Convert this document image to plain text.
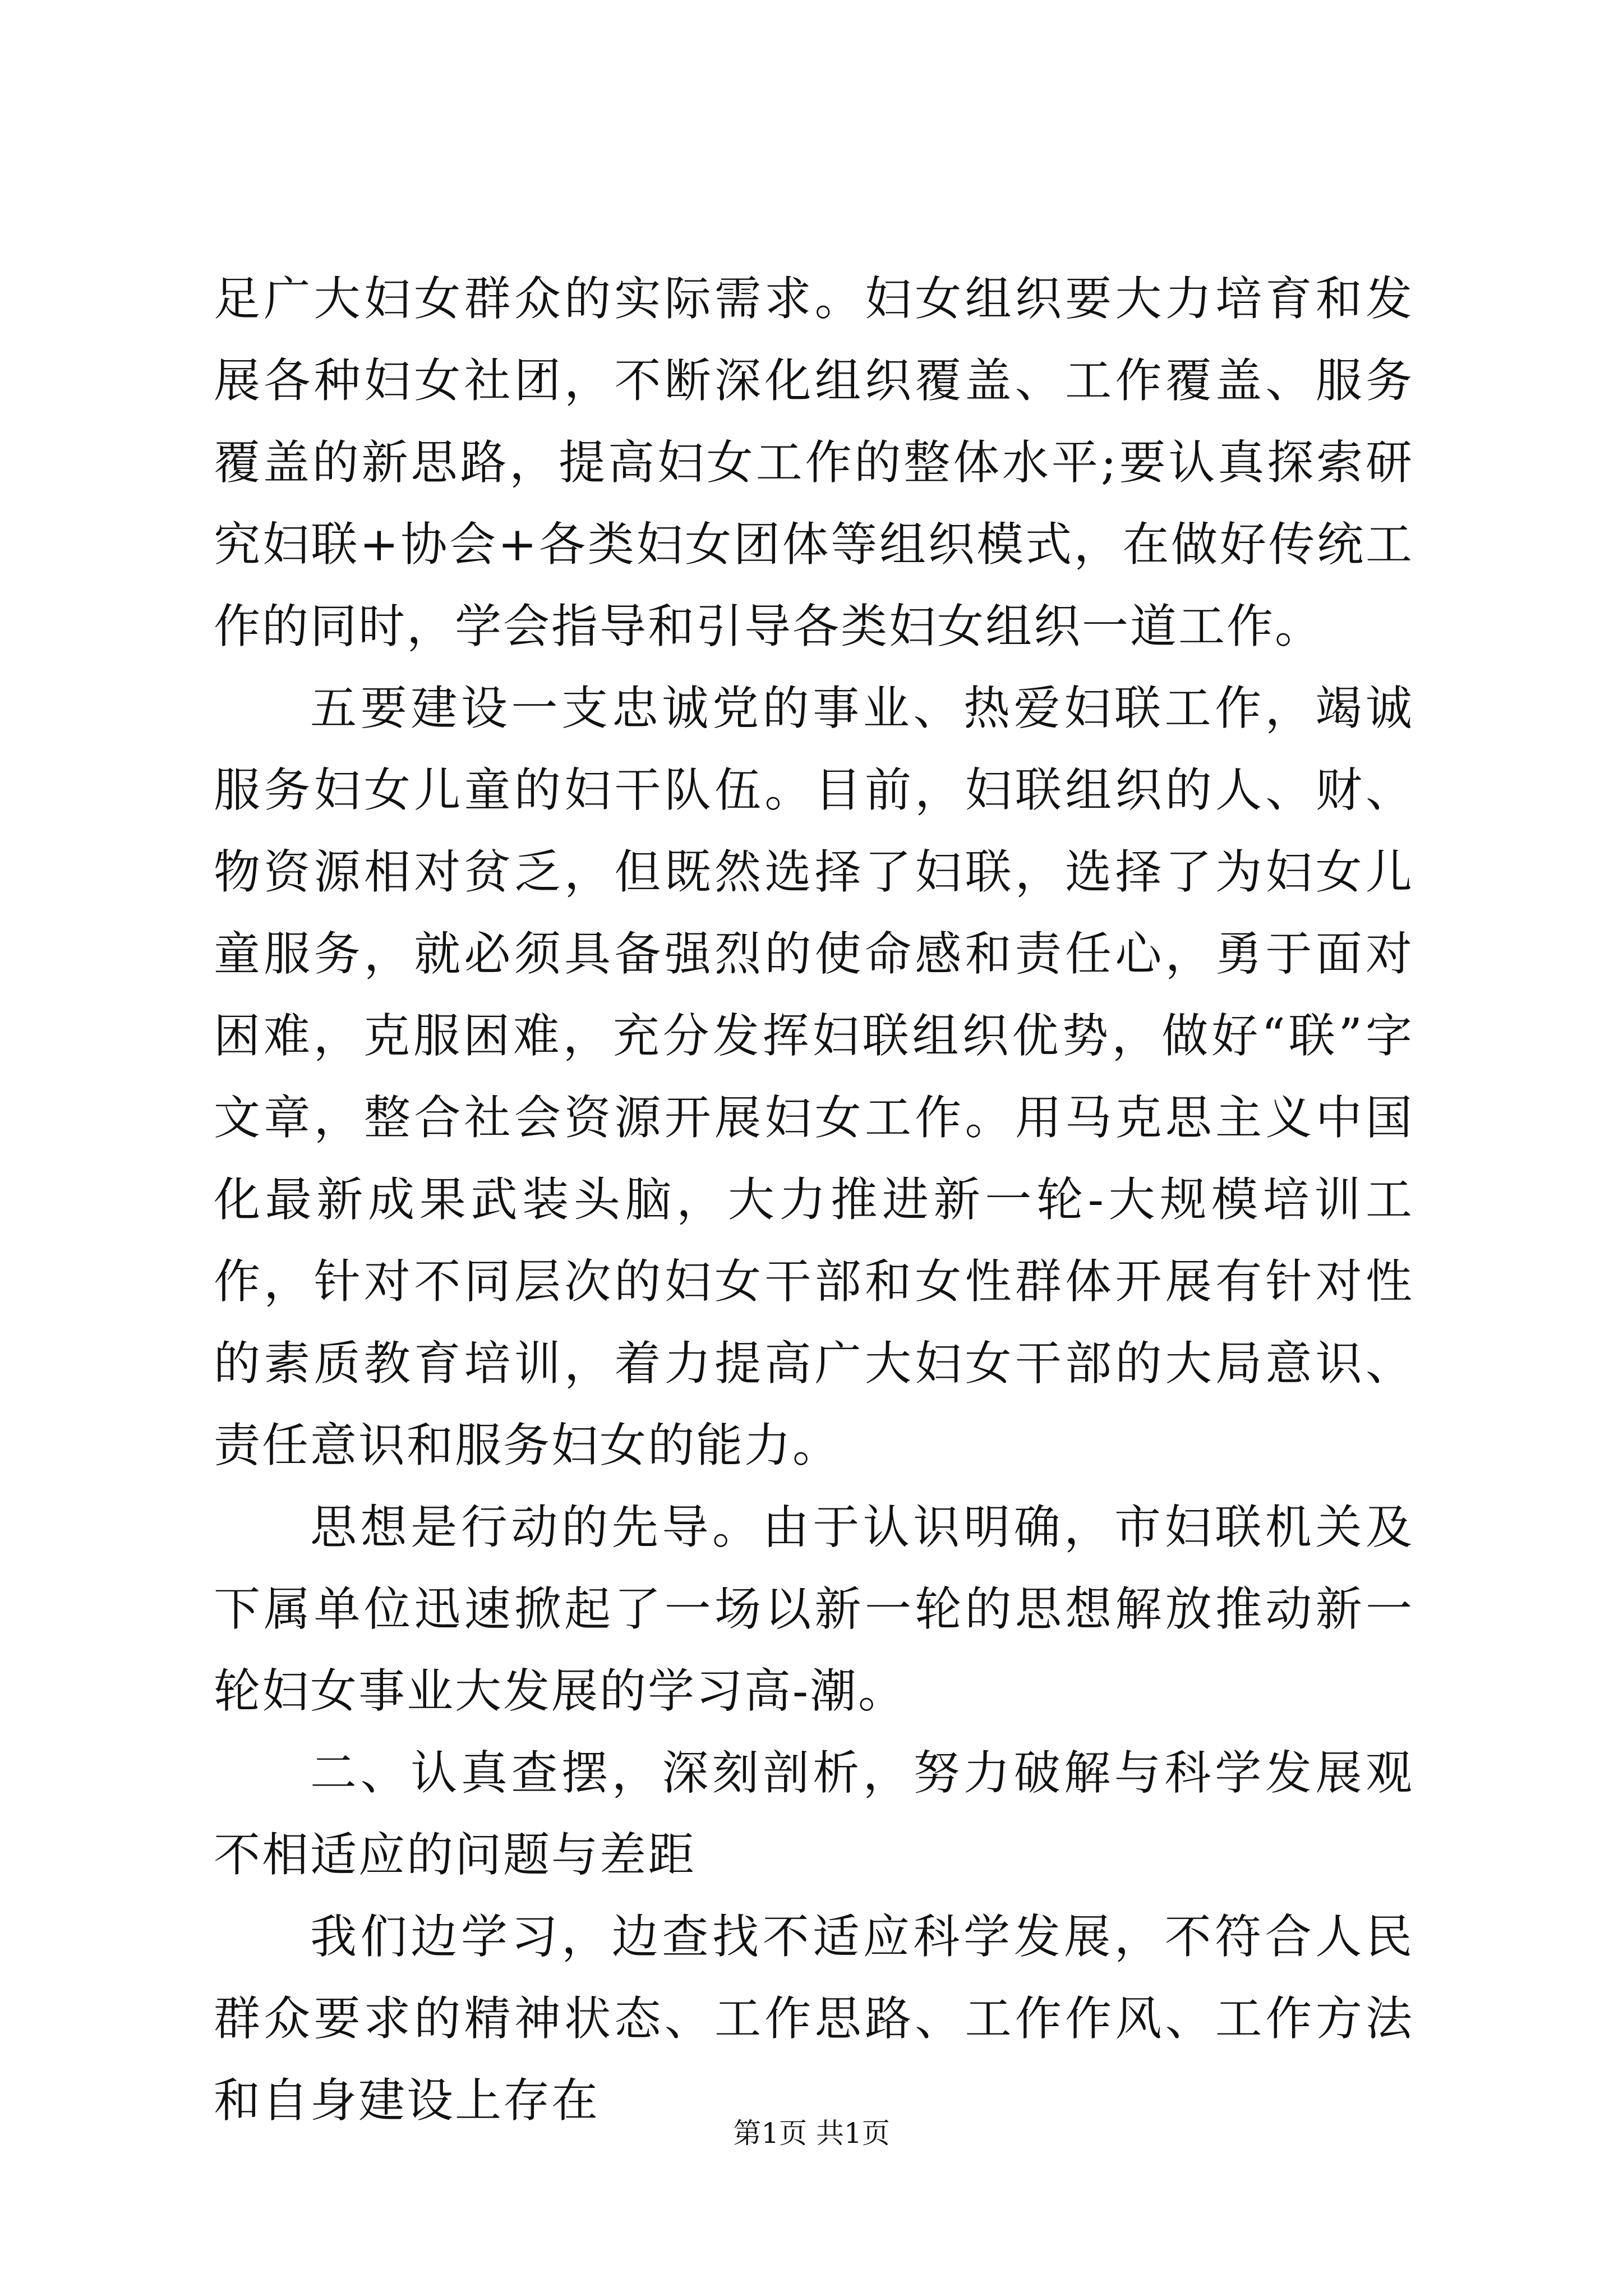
足广大妇女群众的实际需求。妇女组织要大力培育和发展各种妇女社团，不断深化组织覆盖、工作覆盖、服务覆盖的新思路，提高妇女工作的整体水平;要认真探索研究妇联+协会+各类妇女团体等组织模式，在做好传统工作的同时，学会指导和引导各类妇女组织一道工作。

五要建设一支忠诚党的事业、热爱妇联工作，竭诚服务妇女儿童的妇干队伍。目前，妇联组织的人、财、物资源相对贫乏，但既然选择了妇联，选择了为妇女儿童服务，就必须具备强烈的使命感和责任心，勇于面对困难，克服困难，充分发挥妇联组织优势，做好“联”字文章，整合社会资源开展妇女工作。用马克思主义中国化最新成果武装头脑，大力推进新一轮-大规模培训工作，针对不同层次的妇女干部和女性群体开展有针对性的素质教育培训，着力提高广大妇女干部的大局意识、责任意识和服务妇女的能力。

思想是行动的先导。由于认识明确，市妇联机关及下属单位迅速掀起了一场以新一轮的思想解放推动新一轮妇女事业大发展的学习高-潮。

二、认真查摆，深刻剖析，努力破解与科学发展观不相适应的问题与差距

我们边学习，边查找不适应科学发展，不符合人民群众要求的精神状态、工作思路、工作作风、工作方法和自身建设上存在

第1页 共1页
